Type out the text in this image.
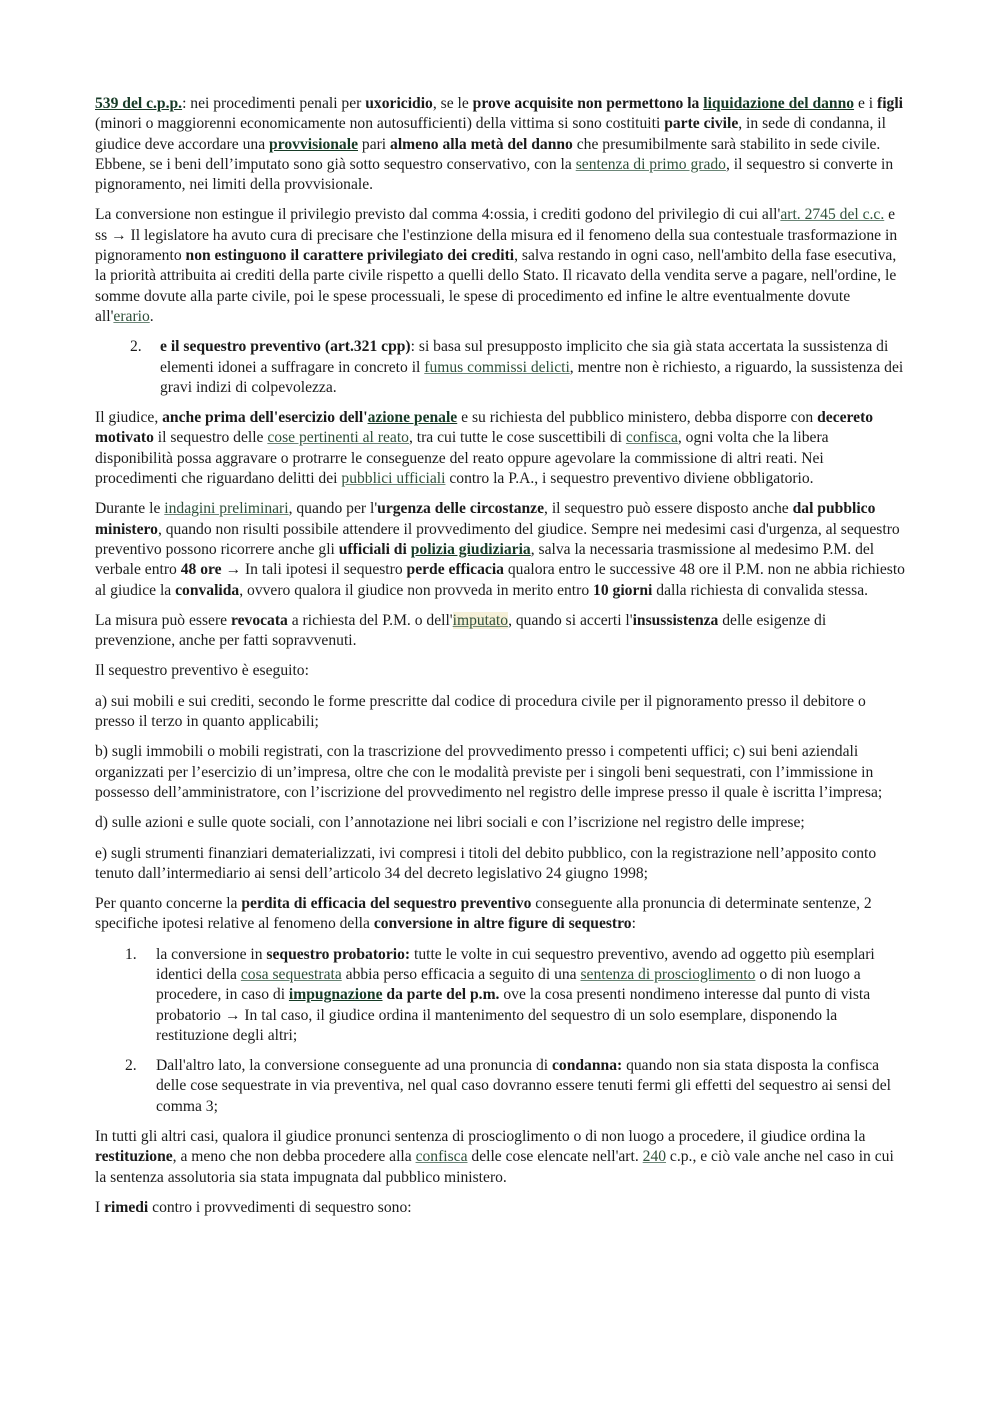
539 del c.p.p.: nei procedimenti penali per uxoricidio, se le prove acquisite non permettono la liquidazione del danno e i figli (minori o maggiorenni economicamente non autosufficienti) della vittima si sono costituiti parte civile, in sede di condanna, il giudice deve accordare una provvisionale pari almeno alla metà del danno che presumibilmente sarà stabilito in sede civile. Ebbene, se i beni dell’imputato sono già sotto sequestro conservativo, con la sentenza di primo grado, il sequestro si converte in pignoramento, nei limiti della provvisionale.

La conversione non estingue il privilegio previsto dal comma 4:ossia, i crediti godono del privilegio di cui all'art. 2745 del c.c. e ss → Il legislatore ha avuto cura di precisare che l'estinzione della misura ed il fenomeno della sua contestuale trasformazione in pignoramento non estinguono il carattere privilegiato dei crediti, salva restando in ogni caso, nell'ambito della fase esecutiva, la priorità attribuita ai crediti della parte civile rispetto a quelli dello Stato. Il ricavato della vendita serve a pagare, nell'ordine, le somme dovute alla parte civile, poi le spese processuali, le spese di procedimento ed infine le altre eventualmente dovute all'erario.

2. e il sequestro preventivo (art.321 cpp): si basa sul presupposto implicito che sia già stata accertata la sussistenza di elementi idonei a suffragare in concreto il fumus commissi delicti, mentre non è richiesto, a riguardo, la sussistenza dei gravi indizi di colpevolezza.

Il giudice, anche prima dell'esercizio dell'azione penale e su richiesta del pubblico ministero, debba disporre con decereto motivato il sequestro delle cose pertinenti al reato, tra cui tutte le cose suscettibili di confisca, ogni volta che la libera disponibilità possa aggravare o protrarre le conseguenze del reato oppure agevolare la commissione di altri reati. Nei procedimenti che riguardano delitti dei pubblici ufficiali contro la P.A., i sequestro preventivo diviene obbligatorio.

Durante le indagini preliminari, quando per l'urgenza delle circostanze, il sequestro può essere disposto anche dal pubblico ministero, quando non risulti possibile attendere il provvedimento del giudice. Sempre nei medesimi casi d'urgenza, al sequestro preventivo possono ricorrere anche gli ufficiali di polizia giudiziaria, salva la necessaria trasmissione al medesimo P.M. del verbale entro 48 ore → In tali ipotesi il sequestro perde efficacia qualora entro le successive 48 ore il P.M. non ne abbia richiesto al giudice la convalida, ovvero qualora il giudice non provveda in merito entro 10 giorni dalla richiesta di convalida stessa.

La misura può essere revocata a richiesta del P.M. o dell'imputato, quando si accerti l'insussistenza delle esigenze di prevenzione, anche per fatti sopravvenuti.

Il sequestro preventivo è eseguito:

a) sui mobili e sui crediti, secondo le forme prescritte dal codice di procedura civile per il pignoramento presso il debitore o presso il terzo in quanto applicabili;

b) sugli immobili o mobili registrati, con la trascrizione del provvedimento presso i competenti uffici; c) sui beni aziendali organizzati per l’esercizio di un’impresa, oltre che con le modalità previste per i singoli beni sequestrati, con l’immissione in possesso dell’amministratore, con l’iscrizione del provvedimento nel registro delle imprese presso il quale è iscritta l’impresa;

d) sulle azioni e sulle quote sociali, con l’annotazione nei libri sociali e con l’iscrizione nel registro delle imprese;

e) sugli strumenti finanziari dematerializzati, ivi compresi i titoli del debito pubblico, con la registrazione nell’apposito conto tenuto dall’intermediario ai sensi dell’articolo 34 del decreto legislativo 24 giugno 1998;

Per quanto concerne la perdita di efficacia del sequestro preventivo conseguente alla pronuncia di determinate sentenze, 2 specifiche ipotesi relative al fenomeno della conversione in altre figure di sequestro:

1. la conversione in sequestro probatorio: tutte le volte in cui sequestro preventivo, avendo ad oggetto più esemplari identici della cosa sequestrata abbia perso efficacia a seguito di una sentenza di proscioglimento o di non luogo a procedere, in caso di impugnazione da parte del p.m. ove la cosa presenti nondimeno interesse dal punto di vista probatorio → In tal caso, il giudice ordina il mantenimento del sequestro di un solo esemplare, disponendo la restituzione degli altri;
2. Dall'altro lato, la conversione conseguente ad una pronuncia di condanna: quando non sia stata disposta la confisca delle cose sequestrate in via preventiva, nel qual caso dovranno essere tenuti fermi gli effetti del sequestro ai sensi del comma 3;

In tutti gli altri casi, qualora il giudice pronunci sentenza di proscioglimento o di non luogo a procedere, il giudice ordina la restituzione, a meno che non debba procedere alla confisca delle cose elencate nell'art. 240 c.p., e ciò vale anche nel caso in cui la sentenza assolutoria sia stata impugnata dal pubblico ministero.

I rimedi contro i provvedimenti di sequestro sono:
